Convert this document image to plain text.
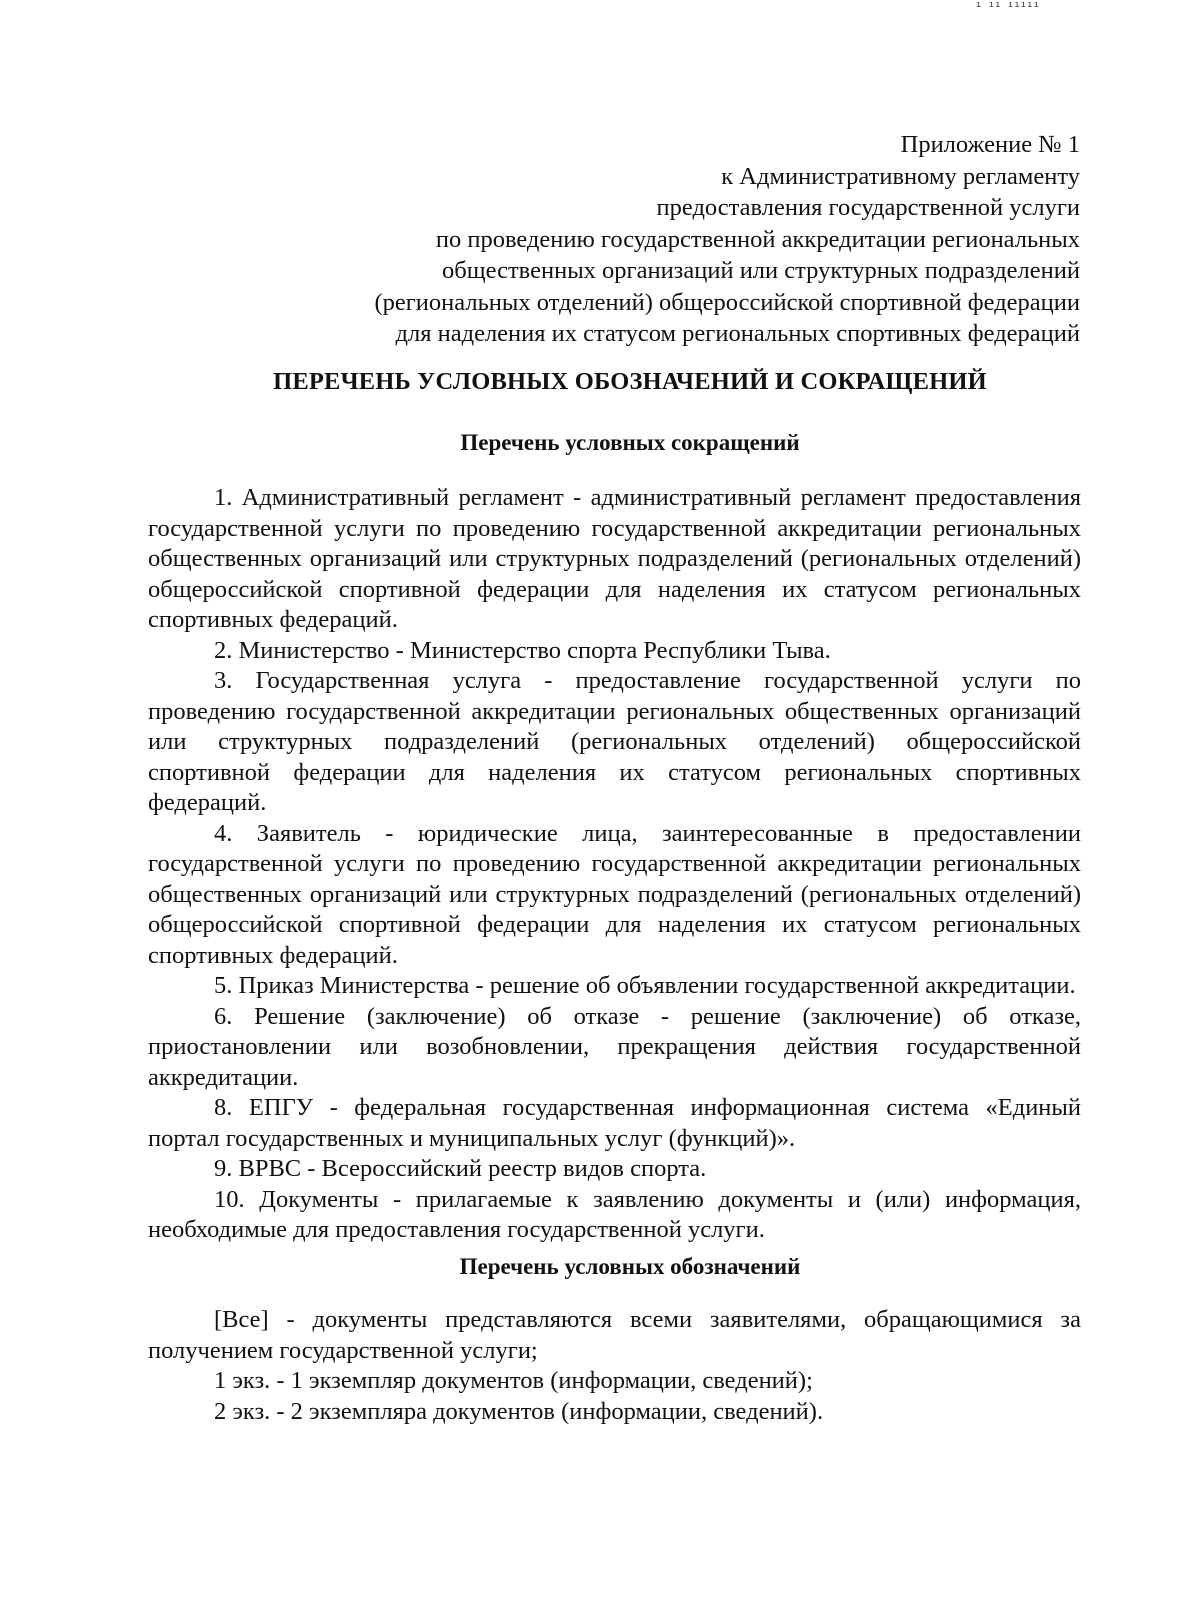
ı ıı ııııı
Приложение № 1
к Административному регламенту
предоставления государственной услуги
по проведению государственной аккредитации региональных
общественных организаций или структурных подразделений
(региональных отделений) общероссийской спортивной федерации
для наделения их статусом региональных спортивных федераций
ПЕРЕЧЕНЬ УСЛОВНЫХ ОБОЗНАЧЕНИЙ И СОКРАЩЕНИЙ
Перечень условных сокращений

1. Административный регламент - административный регламент предоставления государственной услуги по проведению государственной аккредитации региональных общественных организаций или структурных подразделений (региональных отделений) общероссийской спортивной федерации для наделения их статусом региональных спортивных федераций.

2. Министерство - Министерство спорта Республики Тыва.

3. Государственная услуга - предоставление государственной услуги по проведению государственной аккредитации региональных общественных организаций или структурных подразделений (региональных отделений) общероссийской спортивной федерации для наделения их статусом региональных спортивных федераций.

4. Заявитель - юридические лица, заинтересованные в предоставлении государственной услуги по проведению государственной аккредитации региональных общественных организаций или структурных подразделений (региональных отделений) общероссийской спортивной федерации для наделения их статусом региональных спортивных федераций.

5. Приказ Министерства - решение об объявлении государственной аккредитации.

6. Решение (заключение) об отказе - решение (заключение) об отказе, приостановлении или возобновлении, прекращения действия государственной аккредитации.

8. ЕПГУ - федеральная государственная информационная система «Единый портал государственных и муниципальных услуг (функций)».

9. ВРВС - Всероссийский реестр видов спорта.

10. Документы - прилагаемые к заявлению документы и (или) информация, необходимые для предоставления государственной услуги.

Перечень условных обозначений

[Все] - документы представляются всеми заявителями, обращающимися за получением государственной услуги;

1 экз. - 1 экземпляр документов (информации, сведений);

2 экз. - 2 экземпляра документов (информации, сведений).
